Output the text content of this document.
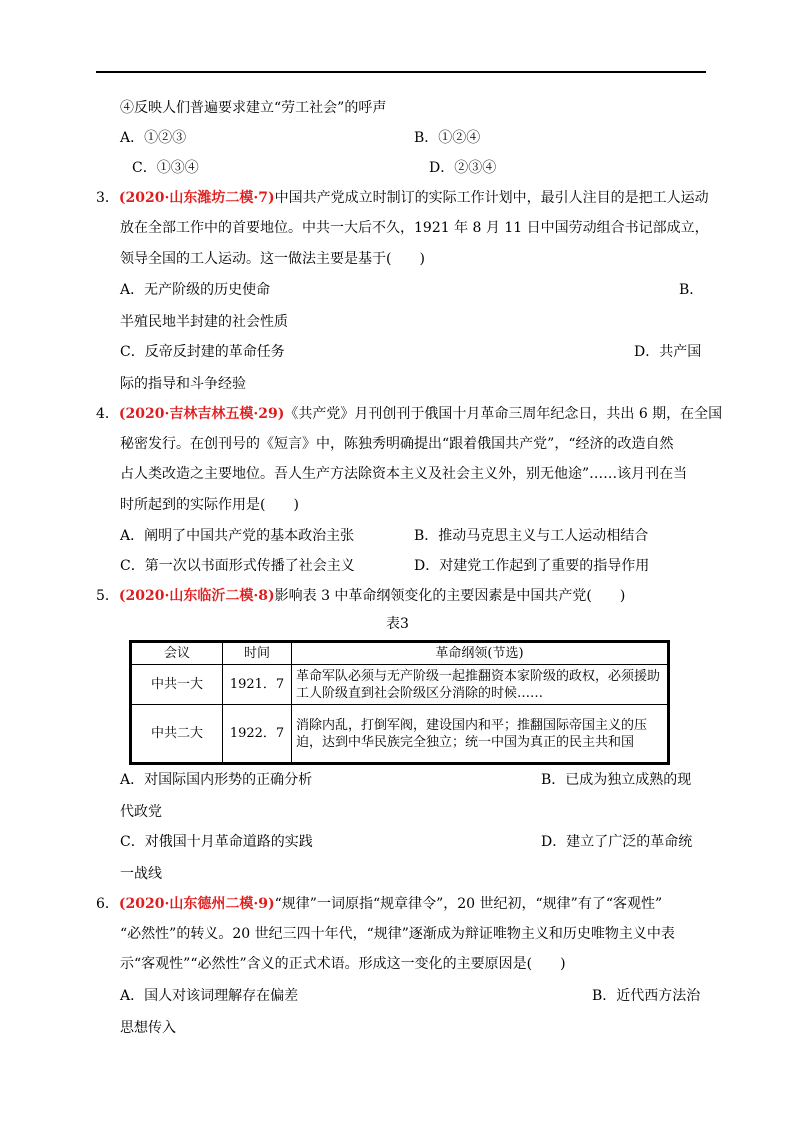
④反映人们普遍要求建立“劳工社会”的呼声
A．①②③	B．①②④
C．①③④	D．②③④
3．(2020·山东潍坊二模·7)中国共产党成立时制订的实际工作计划中，最引人注目的是把工人运动
放在全部工作中的首要地位。中共一大后不久，1921 年 8 月 11 日中国劳动组合书记部成立，
领导全国的工人运动。这一做法主要是基于(　　)
A．无产阶级的历史使命	B．
半殖民地半封建的社会性质
C．反帝反封建的革命任务	D．共产国
际的指导和斗争经验
4．(2020·吉林吉林五模·29)《共产党》月刊创刊于俄国十月革命三周年纪念日，共出 6 期，在全国
秘密发行。在创刊号的《短言》中，陈独秀明确提出“跟着俄国共产党”，“经济的改造自然
占人类改造之主要地位。吾人生产方法除资本主义及社会主义外，别无他途”……该月刊在当
时所起到的实际作用是(　　)
A．阐明了中国共产党的基本政治主张	B．推动马克思主义与工人运动相结合
C．第一次以书面形式传播了社会主义	D．对建党工作起到了重要的指导作用
5．(2020·山东临沂二模·8)影响表 3 中革命纲领变化的主要因素是中国共产党(　　)
表3
会议	时间	革命纲领(节选)
中共一大	1921．7	革命军队必须与无产阶级一起推翻资本家阶级的政权，必须援助工人阶级直到社会阶级区分消除的时候……
中共二大	1922．7	消除内乱，打倒军阀，建设国内和平；推翻国际帝国主义的压迫，达到中华民族完全独立；统一中国为真正的民主共和国
A．对国际国内形势的正确分析	B．已成为独立成熟的现
代政党
C．对俄国十月革命道路的实践	D．建立了广泛的革命统
一战线
6．(2020·山东德州二模·9)“规律”一词原指“规章律令”，20 世纪初，“规律”有了“客观性”
“必然性”的转义。20 世纪三四十年代，“规律”逐渐成为辩证唯物主义和历史唯物主义中表
示“客观性”“必然性”含义的正式术语。形成这一变化的主要原因是(　　)
A．国人对该词理解存在偏差	B．近代西方法治
思想传入
